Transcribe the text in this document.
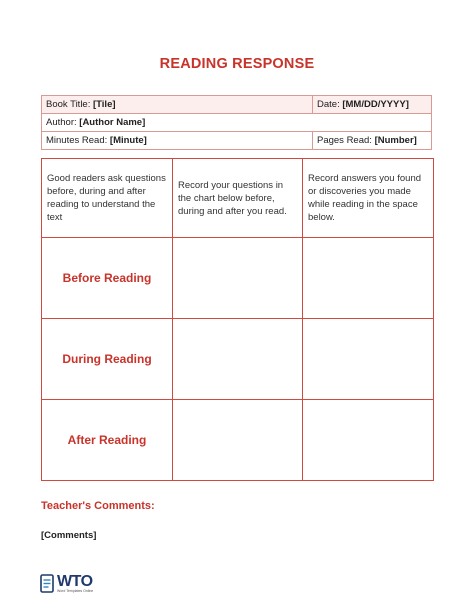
READING RESPONSE
Book Title: [Tile]	Date: [MM/DD/YYYY]
Author: [Author Name]	
Minutes Read: [Minute]	Pages Read: [Number]
Good readers ask questions before, during and after reading to understand the text	Record your questions in the chart below before, during and after you read.	Record answers you found or discoveries you made while reading in the space below.
Before Reading		
During Reading		
After Reading		
Teacher's Comments:
[Comments]
WTO
Word Templates Online
